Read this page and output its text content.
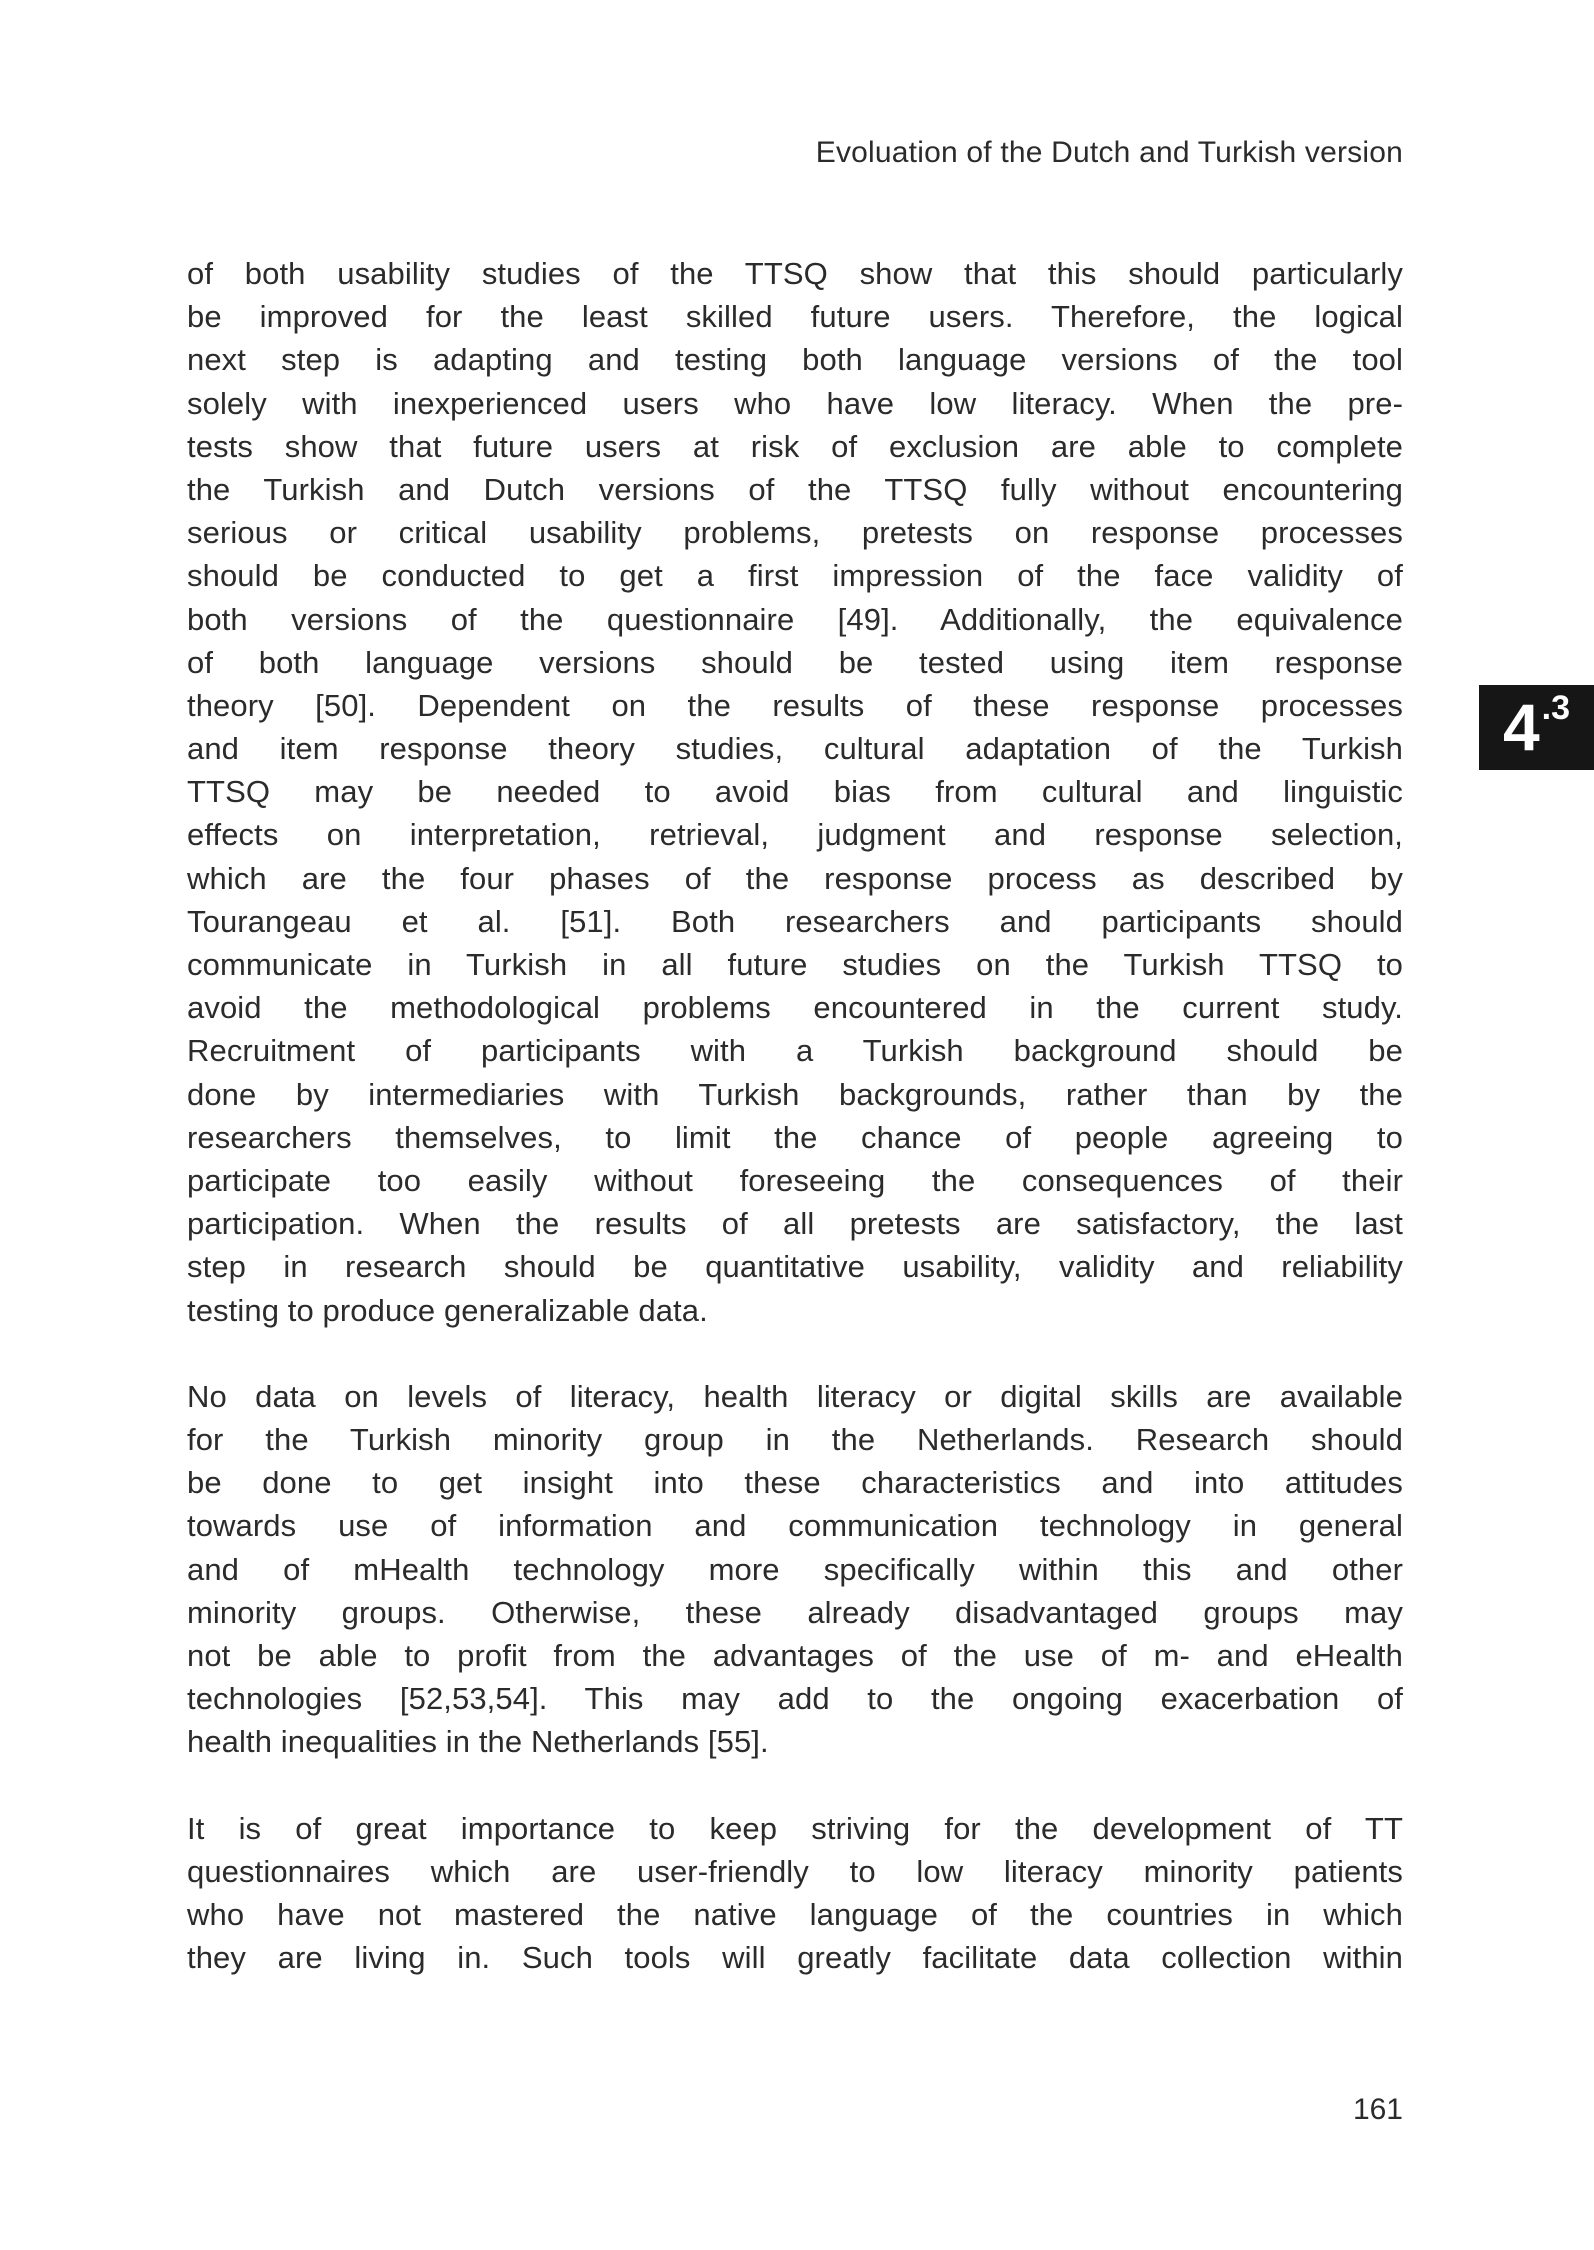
Evoluation of the Dutch and Turkish version
of both usability studies of the TTSQ show that this should particularly
be improved for the least skilled future users. Therefore, the logical
next step is adapting and testing both language versions of the tool
solely with inexperienced users who have low literacy. When the pre-
tests show that future users at risk of exclusion are able to complete
the Turkish and Dutch versions of the TTSQ fully without encountering
serious or critical usability problems, pretests on response processes
should be conducted to get a first impression of the face validity of
both versions of the questionnaire [49]. Additionally, the equivalence
of both language versions should be tested using item response
theory [50]. Dependent on the results of these response processes
and item response theory studies, cultural adaptation of the Turkish
TTSQ may be needed to avoid bias from cultural and linguistic
effects on interpretation, retrieval, judgment and response selection,
which are the four phases of the response process as described by
Tourangeau et al. [51]. Both researchers and participants should
communicate in Turkish in all future studies on the Turkish TTSQ to
avoid the methodological problems encountered in the current study.
Recruitment of participants with a Turkish background should be
done by intermediaries with Turkish backgrounds, rather than by the
researchers themselves, to limit the chance of people agreeing to
participate too easily without foreseeing the consequences of their
participation. When the results of all pretests are satisfactory, the last
step in research should be quantitative usability, validity and reliability
testing to produce generalizable data.
No data on levels of literacy, health literacy or digital skills are available
for the Turkish minority group in the Netherlands. Research should
be done to get insight into these characteristics and into attitudes
towards use of information and communication technology in general
and of mHealth technology more specifically within this and other
minority groups. Otherwise, these already disadvantaged groups may
not be able to profit from the advantages of the use of m- and eHealth
technologies [52,53,54]. This may add to the ongoing exacerbation of
health inequalities in the Netherlands [55].
It is of great importance to keep striving for the development of TT
questionnaires which are user-friendly to low literacy minority patients
who have not mastered the native language of the countries in which
they are living in. Such tools will greatly facilitate data collection within
4 .3
161
